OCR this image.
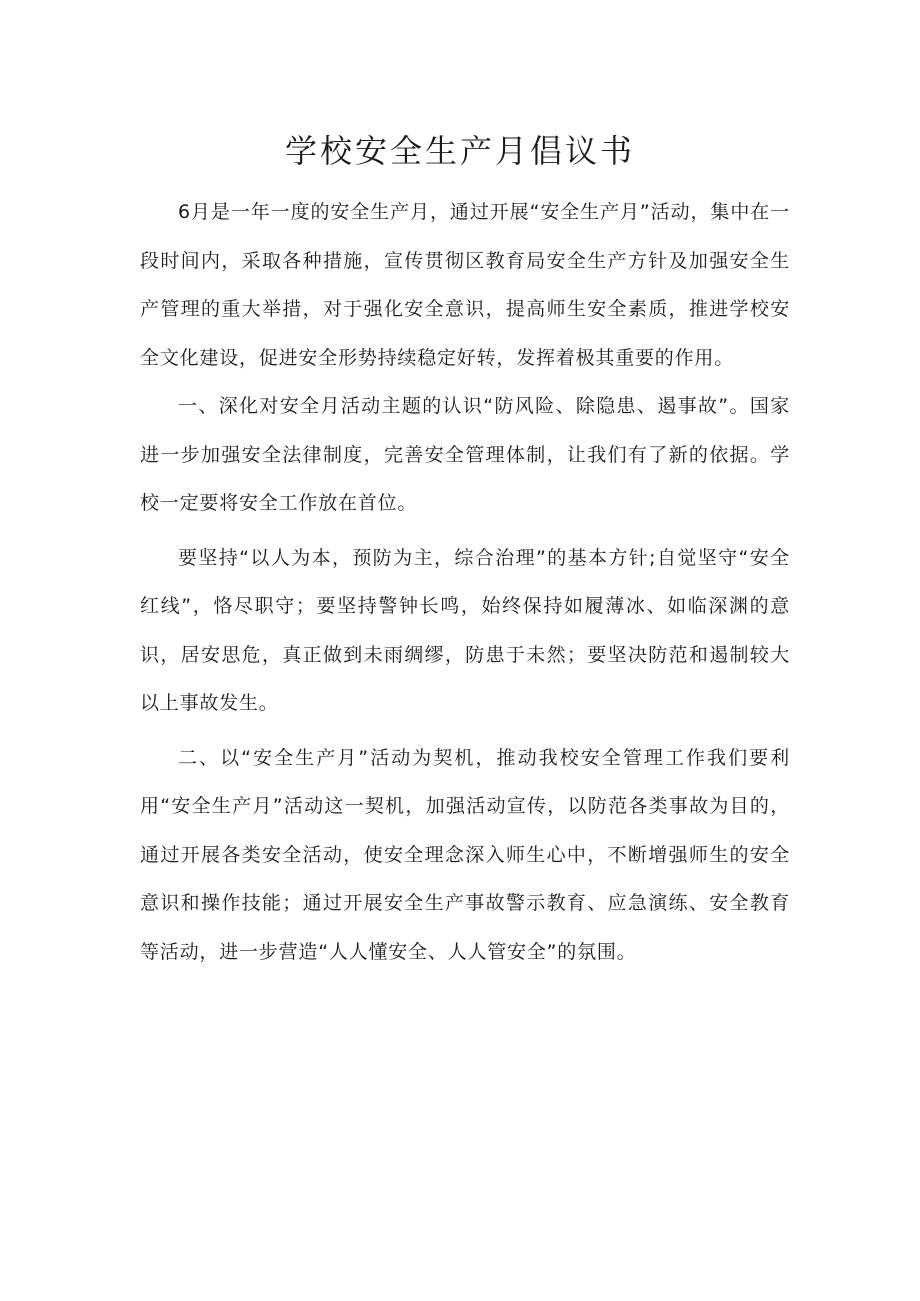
学校安全生产月倡议书

6月是一年一度的安全生产月，通过开展“安全生产月”活动，集中在一段时间内，采取各种措施，宣传贯彻区教育局安全生产方针及加强安全生产管理的重大举措，对于强化安全意识，提高师生安全素质，推进学校安全文化建设，促进安全形势持续稳定好转，发挥着极其重要的作用。

一、深化对安全月活动主题的认识“防风险、除隐患、遏事故”。国家进一步加强安全法律制度，完善安全管理体制，让我们有了新的依据。学校一定要将安全工作放在首位。

要坚持“以人为本，预防为主，综合治理”的基本方针;自觉坚守“安全红线”，恪尽职守；要坚持警钟长鸣，始终保持如履薄冰、如临深渊的意识，居安思危，真正做到未雨绸缪，防患于未然；要坚决防范和遏制较大以上事故发生。

二、以“安全生产月”活动为契机，推动我校安全管理工作我们要利用“安全生产月”活动这一契机，加强活动宣传，以防范各类事故为目的，通过开展各类安全活动，使安全理念深入师生心中，不断增强师生的安全意识和操作技能；通过开展安全生产事故警示教育、应急演练、安全教育等活动，进一步营造“人人懂安全、人人管安全”的氛围。
